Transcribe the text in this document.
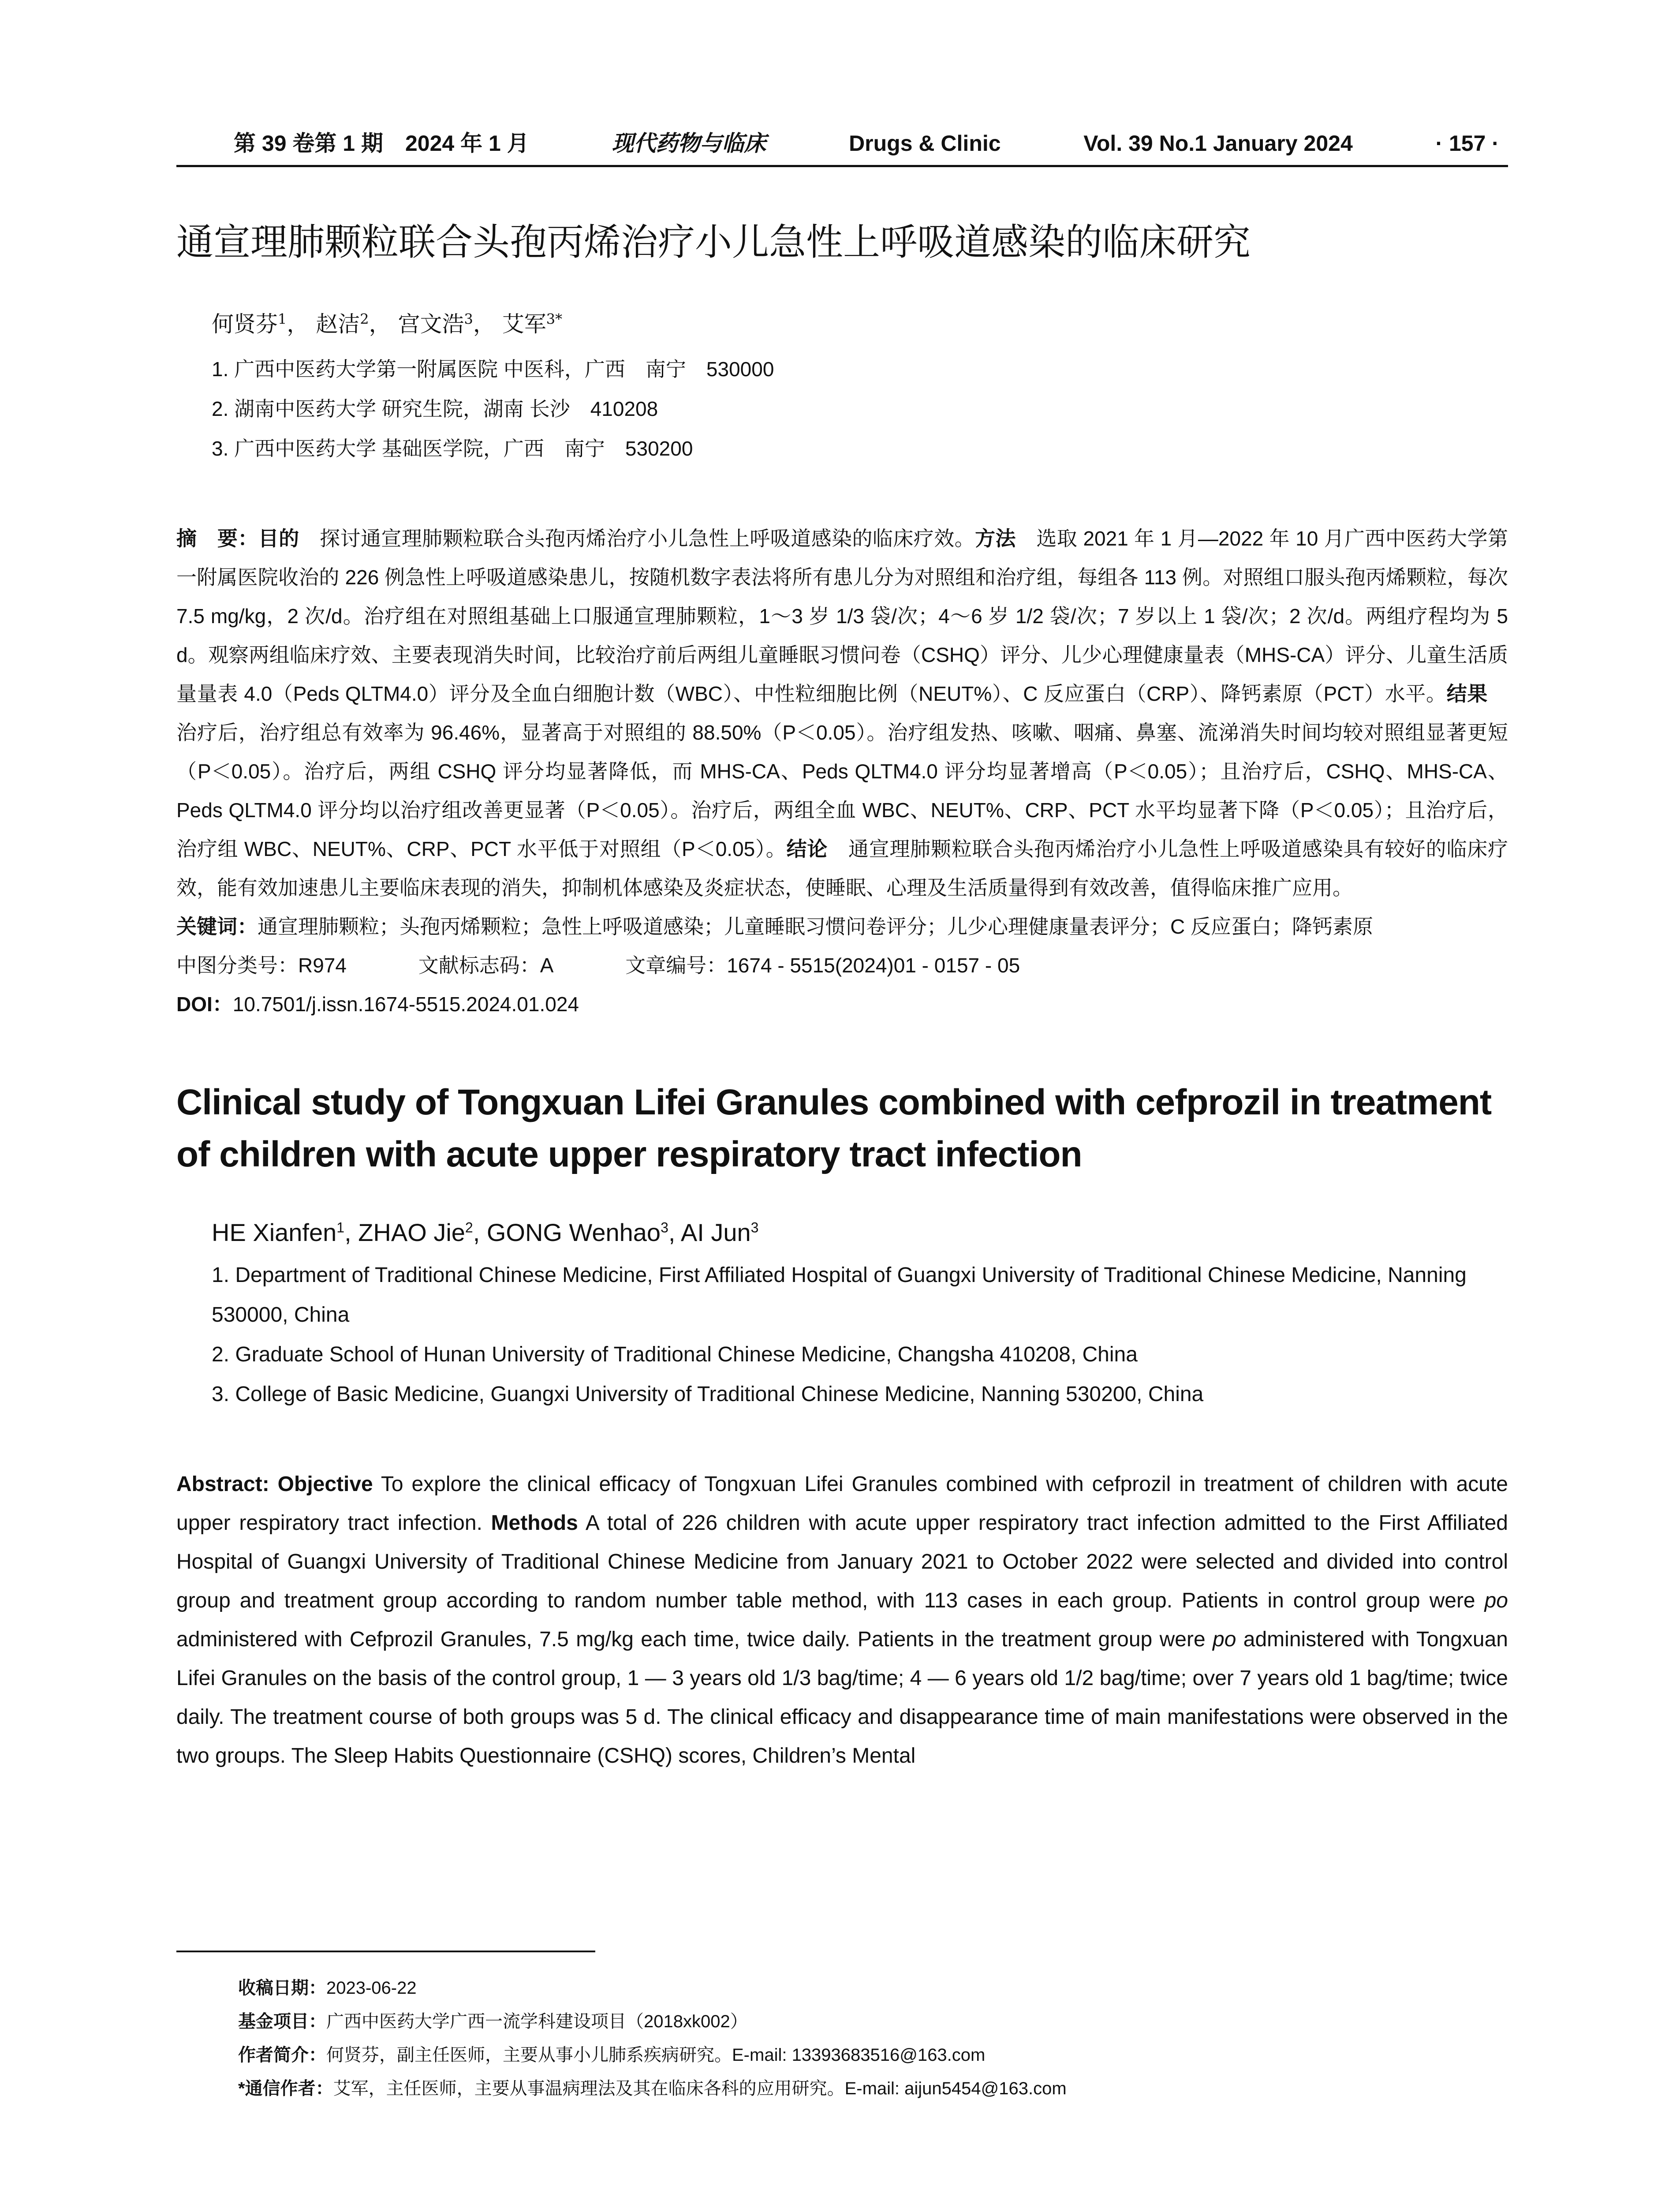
第 39 卷第 1 期　2024 年 1 月	现代药物与临床	Drugs & Clinic	Vol. 39 No.1 January 2024	· 157 ·
通宣理肺颗粒联合头孢丙烯治疗小儿急性上呼吸道感染的临床研究
何贤芬$^1$， 赵洁$^2$， 宫文浩$^3$， 艾军$^{3*}$
1. 广西中医药大学第一附属医院 中医科，广西　南宁　530000
2. 湖南中医药大学 研究生院，湖南 长沙　410208
3. 广西中医药大学 基础医学院，广西　南宁　530200

摘　要：目的　探讨通宣理肺颗粒联合头孢丙烯治疗小儿急性上呼吸道感染的临床疗效。方法　选取 2021 年 1 月—2022 年 10 月广西中医药大学第一附属医院收治的 226 例急性上呼吸道感染患儿，按随机数字表法将所有患儿分为对照组和治疗组，每组各 113 例。对照组口服头孢丙烯颗粒，每次 7.5 mg/kg，2 次/d。治疗组在对照组基础上口服通宣理肺颗粒，1～3 岁 1/3 袋/次；4～6 岁 1/2 袋/次；7 岁以上 1 袋/次；2 次/d。两组疗程均为 5 d。观察两组临床疗效、主要表现消失时间，比较治疗前后两组儿童睡眠习惯问卷（CSHQ）评分、儿少心理健康量表（MHS-CA）评分、儿童生活质量量表 4.0（Peds QLTM4.0）评分及全血白细胞计数（WBC）、中性粒细胞比例（NEUT%）、C 反应蛋白（CRP）、降钙素原（PCT）水平。结果　治疗后，治疗组总有效率为 96.46%，显著高于对照组的 88.50%（P＜0.05）。治疗组发热、咳嗽、咽痛、鼻塞、流涕消失时间均较对照组显著更短（P＜0.05）。治疗后，两组 CSHQ 评分均显著降低，而 MHS-CA、Peds QLTM4.0 评分均显著增高（P＜0.05）；且治疗后，CSHQ、MHS-CA、Peds QLTM4.0 评分均以治疗组改善更显著（P＜0.05）。治疗后，两组全血 WBC、NEUT%、CRP、PCT 水平均显著下降（P＜0.05）；且治疗后，治疗组 WBC、NEUT%、CRP、PCT 水平低于对照组（P＜0.05）。结论　通宣理肺颗粒联合头孢丙烯治疗小儿急性上呼吸道感染具有较好的临床疗效，能有效加速患儿主要临床表现的消失，抑制机体感染及炎症状态，使睡眠、心理及生活质量得到有效改善，值得临床推广应用。

关键词：通宣理肺颗粒；头孢丙烯颗粒；急性上呼吸道感染；儿童睡眠习惯问卷评分；儿少心理健康量表评分；C 反应蛋白；降钙素原

中图分类号：R974	文献标志码：A	文章编号：1674 - 5515(2024)01 - 0157 - 05
DOI：10.7501/j.issn.1674-5515.2024.01.024
Clinical study of Tongxuan Lifei Granules combined with cefprozil in treatment of children with acute upper respiratory tract infection
HE Xianfen$^1$, ZHAO Jie$^2$, GONG Wenhao$^3$, AI Jun$^3$
1. Department of Traditional Chinese Medicine, First Affiliated Hospital of Guangxi University of Traditional Chinese Medicine, Nanning 530000, China
2. Graduate School of Hunan University of Traditional Chinese Medicine, Changsha 410208, China
3. College of Basic Medicine, Guangxi University of Traditional Chinese Medicine, Nanning 530200, China

Abstract: Objective To explore the clinical efficacy of Tongxuan Lifei Granules combined with cefprozil in treatment of children with acute upper respiratory tract infection. Methods A total of 226 children with acute upper respiratory tract infection admitted to the First Affiliated Hospital of Guangxi University of Traditional Chinese Medicine from January 2021 to October 2022 were selected and divided into control group and treatment group according to random number table method, with 113 cases in each group. Patients in control group were po administered with Cefprozil Granules, 7.5 mg/kg each time, twice daily. Patients in the treatment group were po administered with Tongxuan Lifei Granules on the basis of the control group, 1 — 3 years old 1/3 bag/time; 4 — 6 years old 1/2 bag/time; over 7 years old 1 bag/time; twice daily. The treatment course of both groups was 5 d. The clinical efficacy and disappearance time of main manifestations were observed in the two groups. The Sleep Habits Questionnaire (CSHQ) scores, Children’s Mental

收稿日期：2023-06-22
基金项目：广西中医药大学广西一流学科建设项目（2018xk002）
作者简介：何贤芬，副主任医师，主要从事小儿肺系疾病研究。E-mail: 13393683516@163.com
*通信作者：艾军，主任医师，主要从事温病理法及其在临床各科的应用研究。E-mail: aijun5454@163.com
